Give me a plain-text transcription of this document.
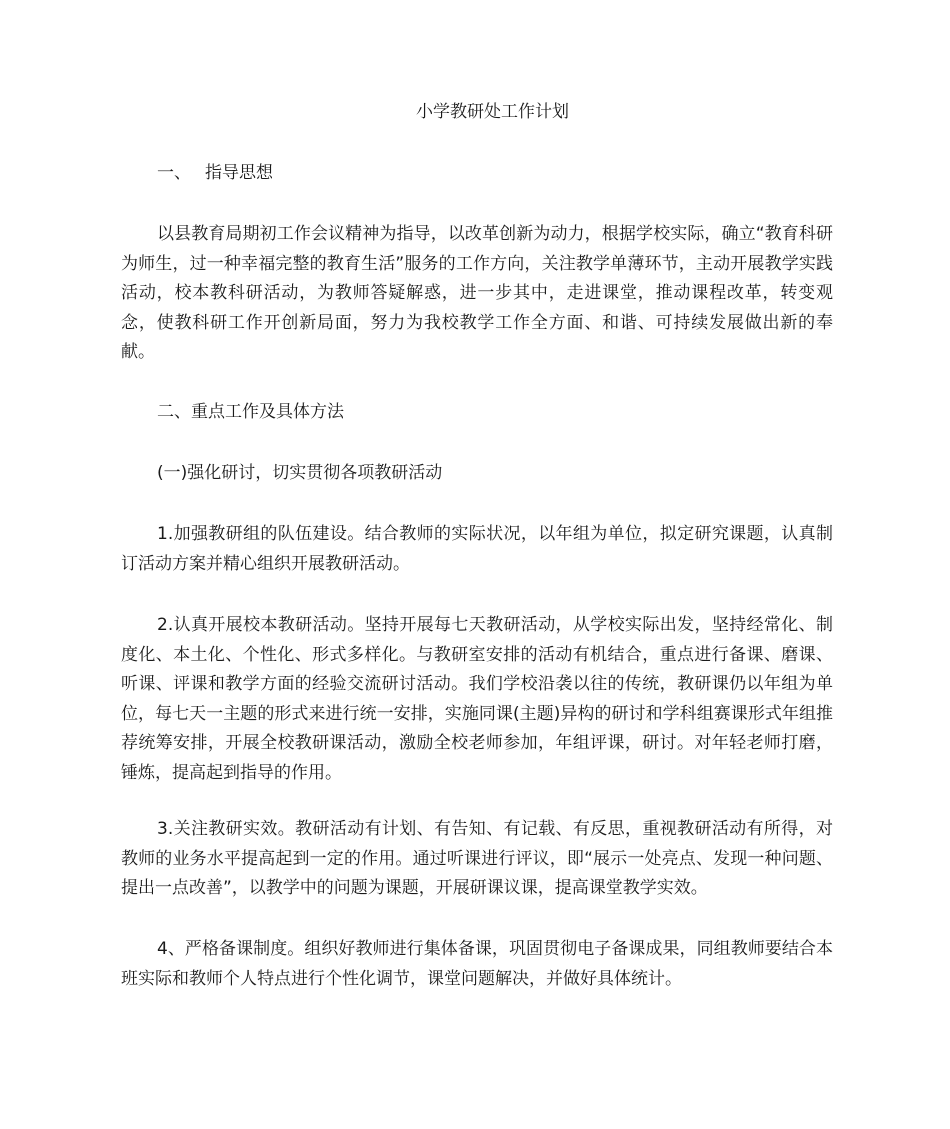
小学教研处工作计划
一、 指导思想
以县教育局期初工作会议精神为指导，以改革创新为动力，根据学校实际，确立“教育科研为师生，过一种幸福完整的教育生活”服务的工作方向，关注教学单薄环节，主动开展教学实践活动，校本教科研活动，为教师答疑解惑，进一步其中，走进课堂，推动课程改革，转变观念，使教科研工作开创新局面，努力为我校教学工作全方面、和谐、可持续发展做出新的奉献。
二、重点工作及具体方法
(一)强化研讨，切实贯彻各项教研活动
1.加强教研组的队伍建设。结合教师的实际状况，以年组为单位，拟定研究课题，认真制订活动方案并精心组织开展教研活动。
2.认真开展校本教研活动。坚持开展每七天教研活动，从学校实际出发，坚持经常化、制度化、本土化、个性化、形式多样化。与教研室安排的活动有机结合，重点进行备课、磨课、听课、评课和教学方面的经验交流研讨活动。我们学校沿袭以往的传统，教研课仍以年组为单位，每七天一主题的形式来进行统一安排，实施同课(主题)异构的研讨和学科组赛课形式年组推荐统筹安排，开展全校教研课活动，激励全校老师参加，年组评课，研讨。对年轻老师打磨，锤炼，提高起到指导的作用。
3.关注教研实效。教研活动有计划、有告知、有记载、有反思，重视教研活动有所得，对教师的业务水平提高起到一定的作用。通过听课进行评议，即“展示一处亮点、发现一种问题、提出一点改善”，以教学中的问题为课题，开展研课议课，提高课堂教学实效。
4、严格备课制度。组织好教师进行集体备课，巩固贯彻电子备课成果，同组教师要结合本班实际和教师个人特点进行个性化调节，课堂问题解决，并做好具体统计。
